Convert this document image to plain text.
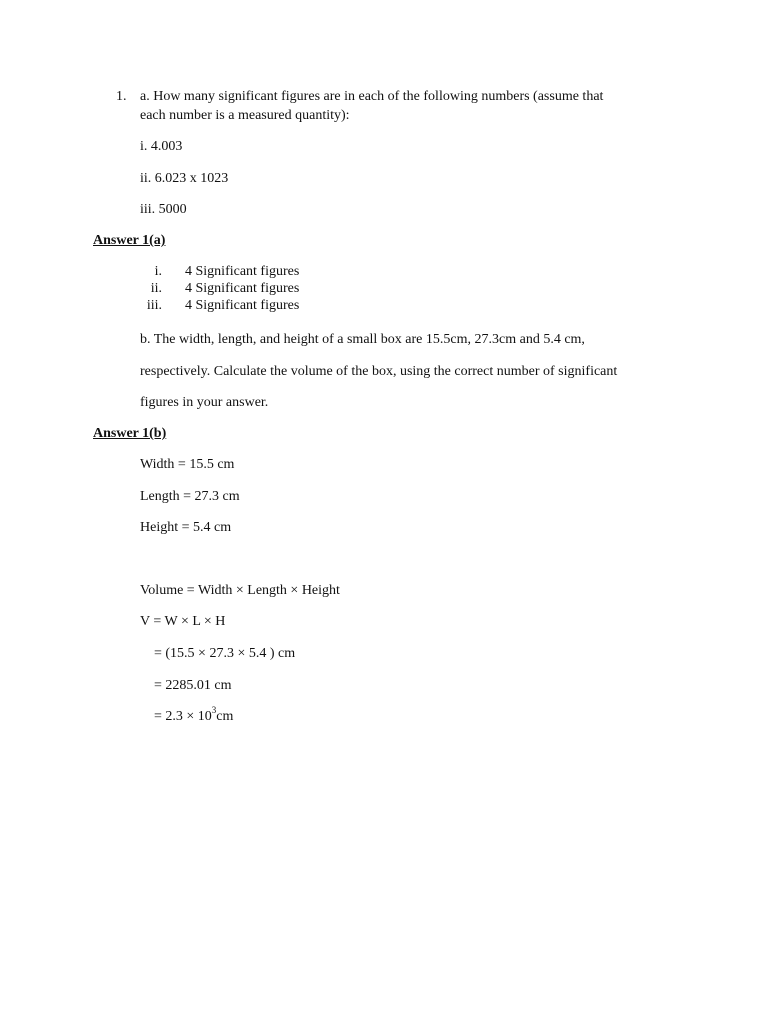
1. a. How many significant figures are in each of the following numbers (assume that
each number is a measured quantity):
i. 4.003
ii. 6.023 x 1023
iii. 5000
Answer 1(a)
i. 4 Significant figures
ii. 4 Significant figures
iii. 4 Significant figures
b. The width, length, and height of a small box are 15.5cm, 27.3cm and 5.4 cm,
respectively. Calculate the volume of the box, using the correct number of significant
figures in your answer.
Answer 1(b)
Width = 15.5 cm
Length = 27.3 cm
Height = 5.4 cm
Volume = Width × Length × Height
V = W × L × H
= (15.5 × 27.3 × 5.4 ) cm
= 2285.01 cm
= $2.3 \times 10^3cm$
